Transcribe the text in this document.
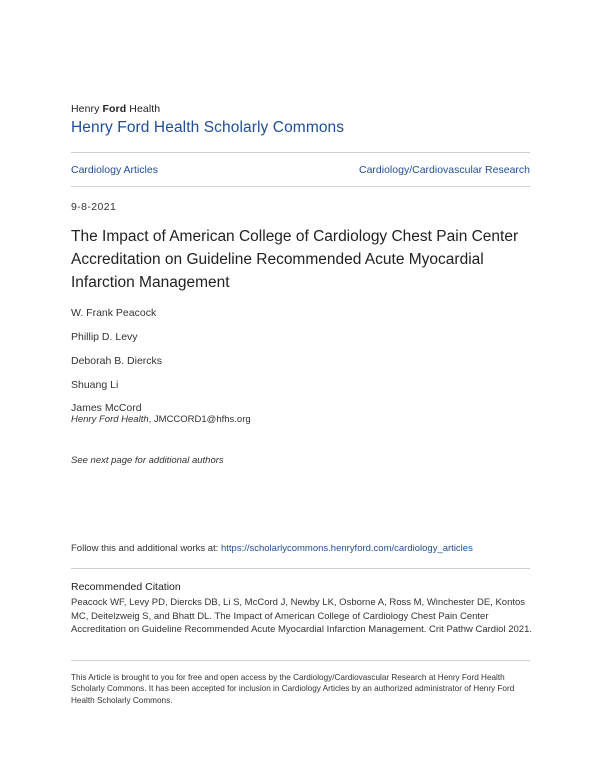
Henry Ford Health
Henry Ford Health Scholarly Commons
Cardiology Articles	Cardiology/Cardiovascular Research
9-8-2021
The Impact of American College of Cardiology Chest Pain Center Accreditation on Guideline Recommended Acute Myocardial Infarction Management
W. Frank Peacock
Phillip D. Levy
Deborah B. Diercks
Shuang Li
James McCord
Henry Ford Health, JMCCORD1@hfhs.org
See next page for additional authors
Follow this and additional works at: https://scholarlycommons.henryford.com/cardiology_articles
Recommended Citation
Peacock WF, Levy PD, Diercks DB, Li S, McCord J, Newby LK, Osborne A, Ross M, Winchester DE, Kontos MC, Deitelzweig S, and Bhatt DL. The Impact of American College of Cardiology Chest Pain Center Accreditation on Guideline Recommended Acute Myocardial Infarction Management. Crit Pathw Cardiol 2021.
This Article is brought to you for free and open access by the Cardiology/Cardiovascular Research at Henry Ford Health Scholarly Commons. It has been accepted for inclusion in Cardiology Articles by an authorized administrator of Henry Ford Health Scholarly Commons.
